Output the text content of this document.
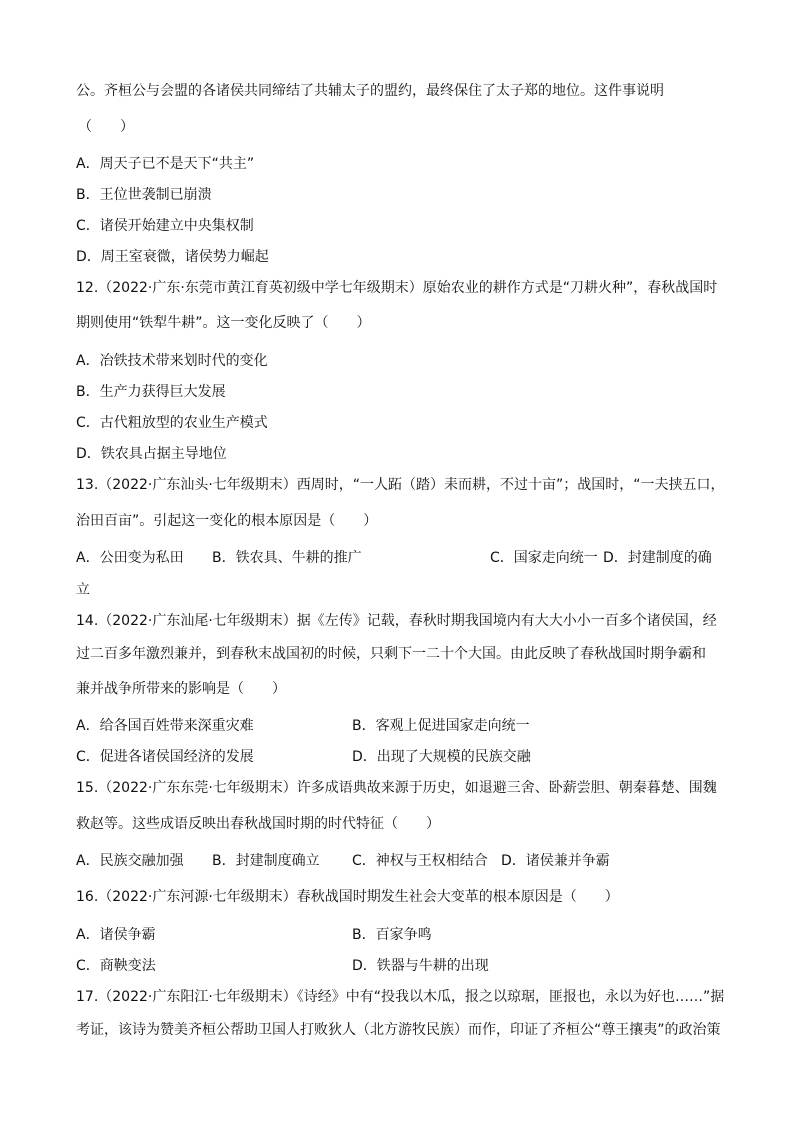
公。齐桓公与会盟的各诸侯共同缔结了共辅太子的盟约，最终保住了太子郑的地位。这件事说明
（　　）
A．周天子已不是天下“共主”
B．王位世袭制已崩溃
C．诸侯开始建立中央集权制
D．周王室衰微，诸侯势力崛起
12.（2022·广东·东莞市黄江育英初级中学七年级期末）原始农业的耕作方式是“刀耕火种”，春秋战国时
期则使用“铁犁牛耕”。这一变化反映了（　　）
A．冶铁技术带来划时代的变化
B．生产力获得巨大发展
C．古代粗放型的农业生产模式
D．铁农具占据主导地位
13.（2022·广东汕头·七年级期末）西周时，“一人跖（踏）耒而耕，不过十亩”；战国时，“一夫挟五口，
治田百亩”。引起这一变化的根本原因是（　　）
A．公田变为私田 B．铁农具、牛耕的推广	C．国家走向统一 D．封建制度的确
立
14.（2022·广东汕尾·七年级期末）据《左传》记载，春秋时期我国境内有大大小小一百多个诸侯国，经
过二百多年激烈兼并，到春秋末战国初的时候，只剩下一二十个大国。由此反映了春秋战国时期争霸和
兼并战争所带来的影响是（　　）
A．给各国百姓带来深重灾难	B．客观上促进国家走向统一
C．促进各诸侯国经济的发展	D．出现了大规模的民族交融
15.（2022·广东东莞·七年级期末）许多成语典故来源于历史，如退避三舍、卧薪尝胆、朝秦暮楚、围魏
救赵等。这些成语反映出春秋战国时期的时代特征（　　）
A．民族交融加强 B．封建制度确立 C．神权与王权相结合 D．诸侯兼并争霸
16.（2022·广东河源·七年级期末）春秋战国时期发生社会大变革的根本原因是（　　）
A．诸侯争霸	B．百家争鸣
C．商鞅变法	D．铁器与牛耕的出现
17.（2022·广东阳江·七年级期末）《诗经》中有“投我以木瓜，报之以琼琚，匪报也，永以为好也……”据
考证，该诗为赞美齐桓公帮助卫国人打败狄人（北方游牧民族）而作，印证了齐桓公“尊王攘夷”的政治策
